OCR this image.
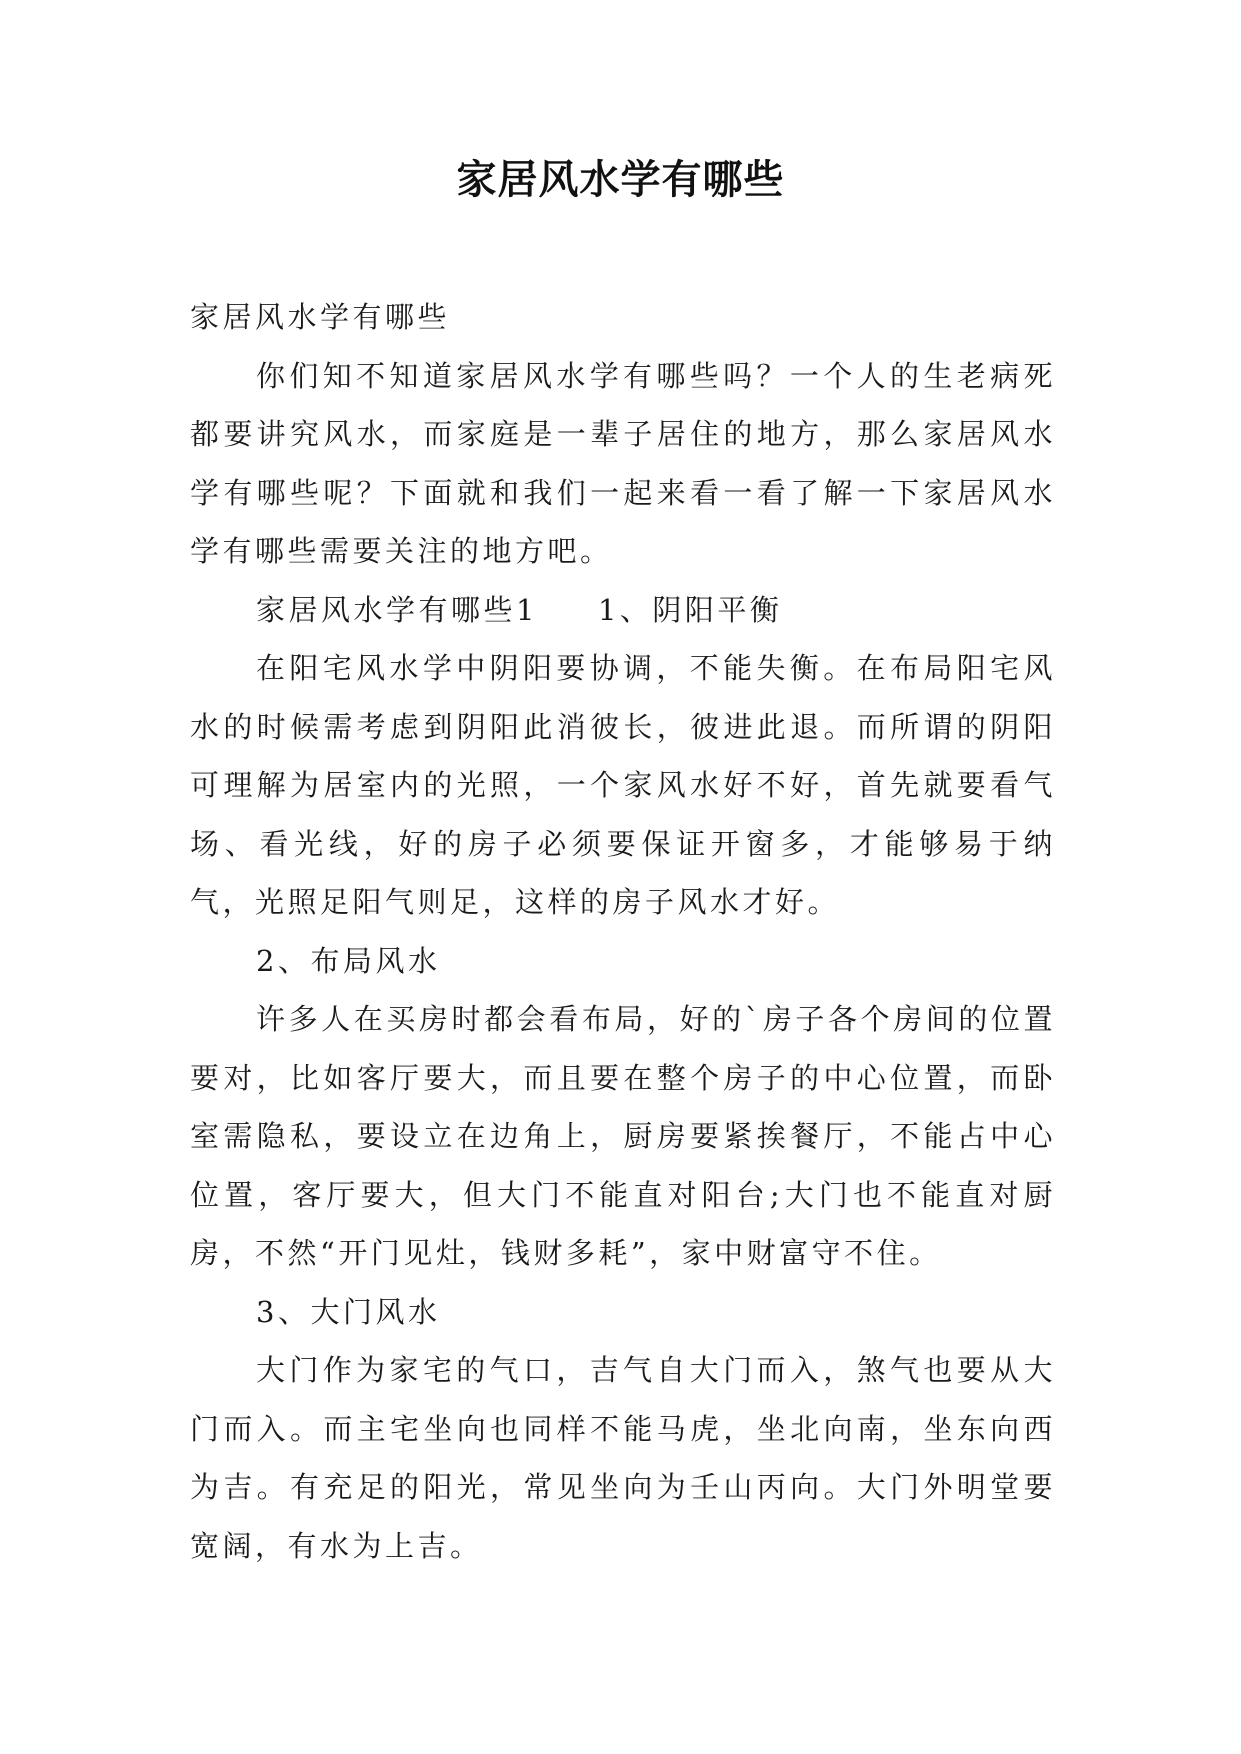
家居风水学有哪些

家居风水学有哪些

你们知不知道家居风水学有哪些吗？一个人的生老病死都要讲究风水，而家庭是一辈子居住的地方，那么家居风水学有哪些呢？下面就和我们一起来看一看了解一下家居风水学有哪些需要关注的地方吧。

家居风水学有哪些1 1、阴阳平衡

在阳宅风水学中阴阳要协调，不能失衡。在布局阳宅风水的时候需考虑到阴阳此消彼长，彼进此退。而所谓的阴阳可理解为居室内的光照，一个家风水好不好，首先就要看气场、看光线，好的房子必须要保证开窗多，才能够易于纳气，光照足阳气则足，这样的房子风水才好。

2、布局风水

许多人在买房时都会看布局，好的`房子各个房间的位置要对，比如客厅要大，而且要在整个房子的中心位置，而卧室需隐私，要设立在边角上，厨房要紧挨餐厅，不能占中心位置，客厅要大，但大门不能直对阳台;大门也不能直对厨房，不然“开门见灶，钱财多耗”，家中财富守不住。

3、大门风水

大门作为家宅的气口，吉气自大门而入，煞气也要从大门而入。而主宅坐向也同样不能马虎，坐北向南，坐东向西为吉。有充足的阳光，常见坐向为壬山丙向。大门外明堂要宽阔，有水为上吉。
